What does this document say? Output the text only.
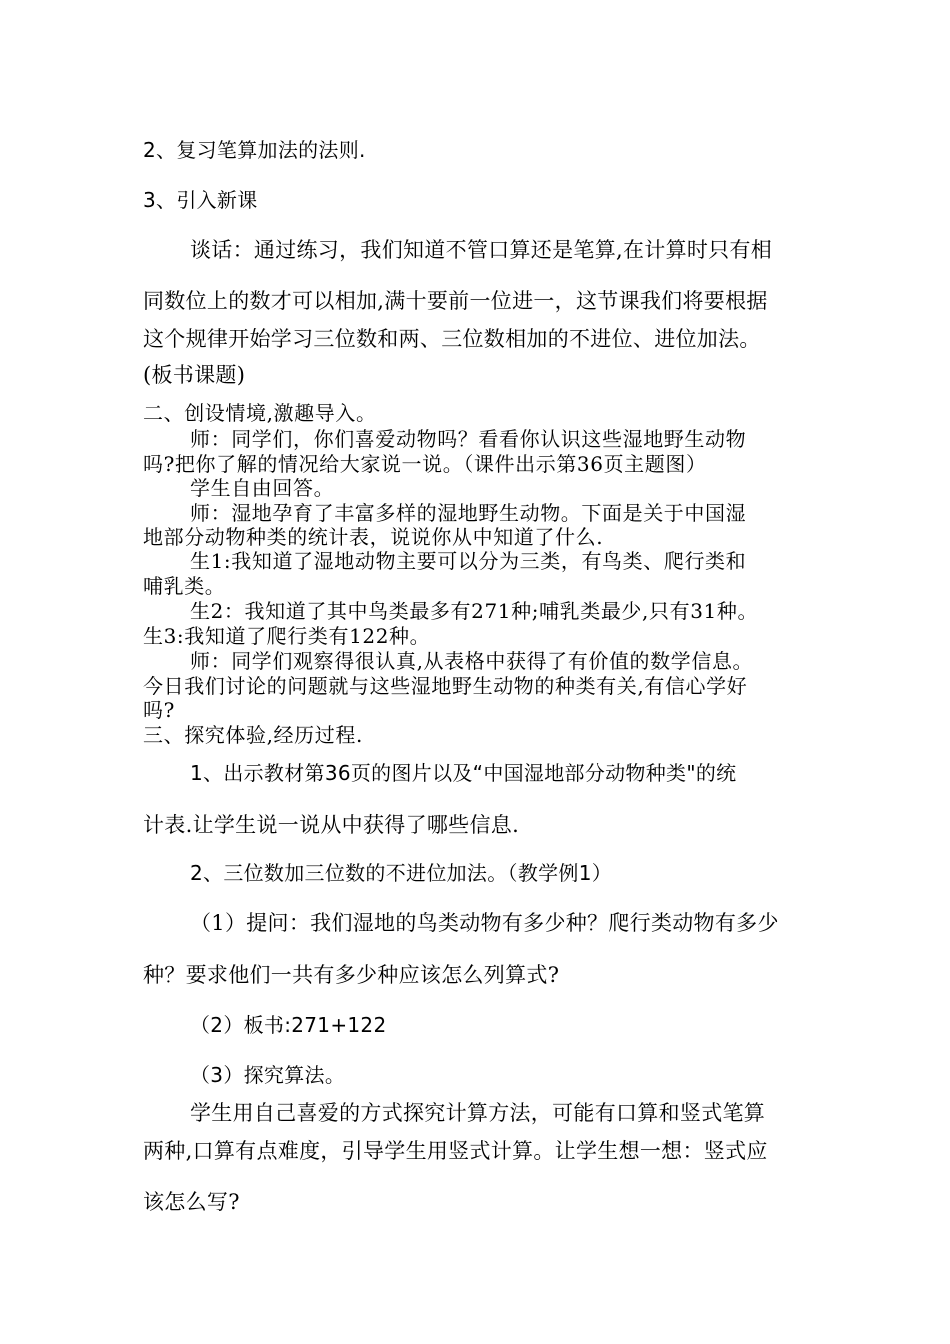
2、复习笔算加法的法则.
3、引入新课
谈话：通过练习，我们知道不管口算还是笔算,在计算时只有相
同数位上的数才可以相加,满十要前一位进一，这节课我们将要根据
这个规律开始学习三位数和两、三位数相加的不进位、进位加法。
(板书课题)
二、创设情境,激趣导入。
师：同学们，你们喜爱动物吗？看看你认识这些湿地野生动物
吗?把你了解的情况给大家说一说。（课件出示第36页主题图）
学生自由回答。
师：湿地孕育了丰富多样的湿地野生动物。下面是关于中国湿
地部分动物种类的统计表，说说你从中知道了什么.
生1:我知道了湿地动物主要可以分为三类，有鸟类、爬行类和
哺乳类。
生2：我知道了其中鸟类最多有271种;哺乳类最少,只有31种。
生3:我知道了爬行类有122种。
师：同学们观察得很认真,从表格中获得了有价值的数学信息。
今日我们讨论的问题就与这些湿地野生动物的种类有关,有信心学好
吗?
三、探究体验,经历过程.
1、出示教材第36页的图片以及“中国湿地部分动物种类"的统
计表.让学生说一说从中获得了哪些信息.
2、三位数加三位数的不进位加法。（教学例1）
（1）提问：我们湿地的鸟类动物有多少种？爬行类动物有多少
种？要求他们一共有多少种应该怎么列算式?
（2）板书:271+122
（3）探究算法。
学生用自己喜爱的方式探究计算方法，可能有口算和竖式笔算
两种,口算有点难度，引导学生用竖式计算。让学生想一想：竖式应
该怎么写?
